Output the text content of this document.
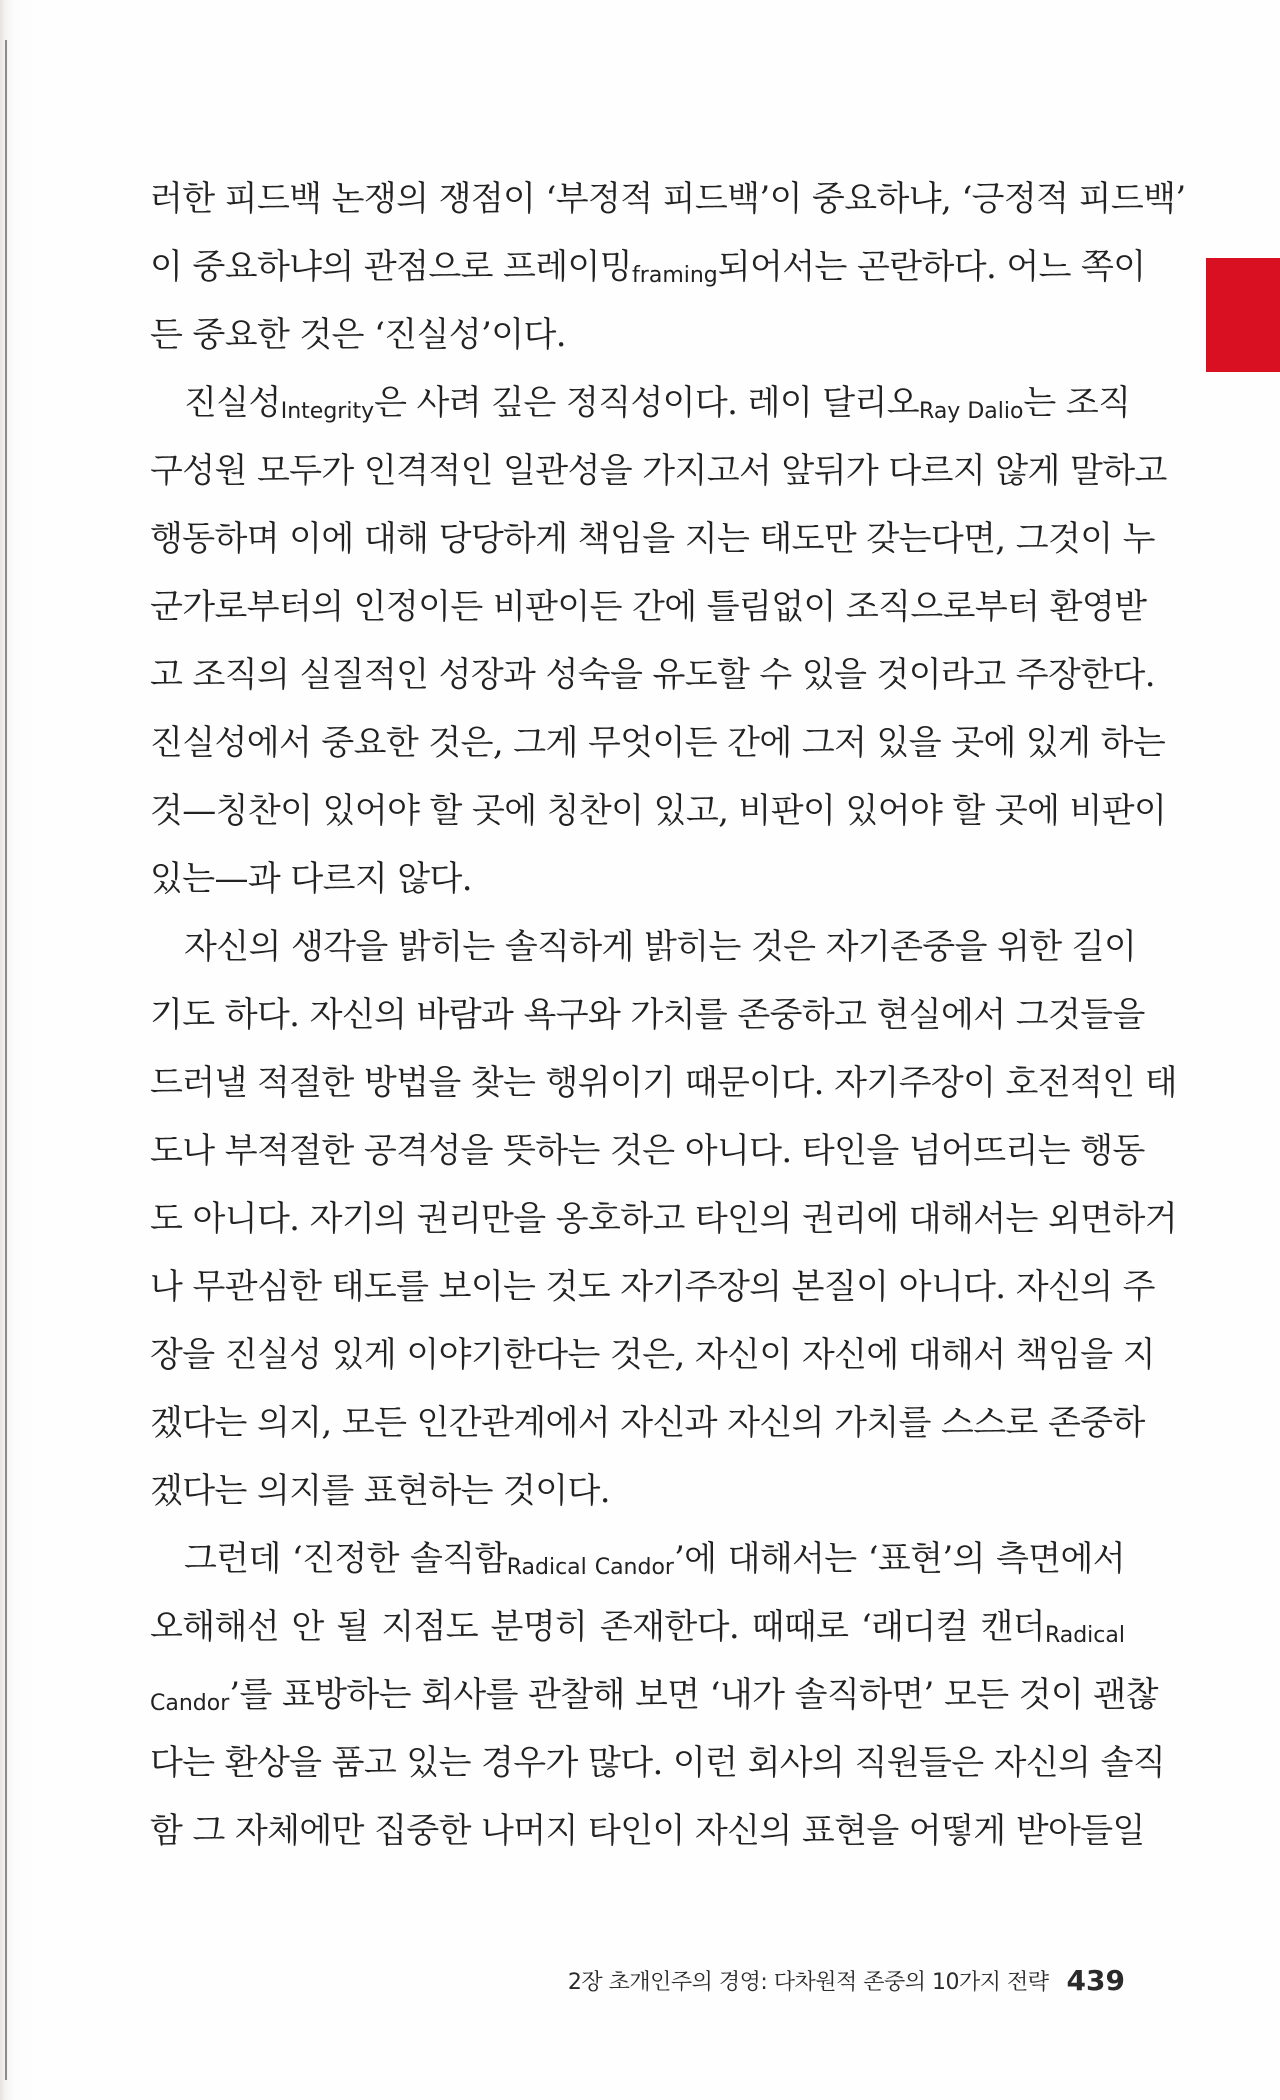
러한 피드백 논쟁의 쟁점이 ‘부정적 피드백’이 중요하냐, ‘긍정적 피드백’
이 중요하냐의 관점으로 프레이밍framing되어서는 곤란하다. 어느 쪽이
든 중요한 것은 ‘진실성’이다.
진실성Integrity은 사려 깊은 정직성이다. 레이 달리오Ray Dalio는 조직
구성원 모두가 인격적인 일관성을 가지고서 앞뒤가 다르지 않게 말하고
행동하며 이에 대해 당당하게 책임을 지는 태도만 갖는다면, 그것이 누
군가로부터의 인정이든 비판이든 간에 틀림없이 조직으로부터 환영받
고 조직의 실질적인 성장과 성숙을 유도할 수 있을 것이라고 주장한다.
진실성에서 중요한 것은, 그게 무엇이든 간에 그저 있을 곳에 있게 하는
것—칭찬이 있어야 할 곳에 칭찬이 있고, 비판이 있어야 할 곳에 비판이
있는—과 다르지 않다.
자신의 생각을 밝히는 솔직하게 밝히는 것은 자기존중을 위한 길이
기도 하다. 자신의 바람과 욕구와 가치를 존중하고 현실에서 그것들을
드러낼 적절한 방법을 찾는 행위이기 때문이다. 자기주장이 호전적인 태
도나 부적절한 공격성을 뜻하는 것은 아니다. 타인을 넘어뜨리는 행동
도 아니다. 자기의 권리만을 옹호하고 타인의 권리에 대해서는 외면하거
나 무관심한 태도를 보이는 것도 자기주장의 본질이 아니다. 자신의 주
장을 진실성 있게 이야기한다는 것은, 자신이 자신에 대해서 책임을 지
겠다는 의지, 모든 인간관계에서 자신과 자신의 가치를 스스로 존중하
겠다는 의지를 표현하는 것이다.
그런데 ‘진정한 솔직함Radical Candor’에 대해서는 ‘표현’의 측면에서
오해해선 안 될 지점도 분명히 존재한다. 때때로 ‘래디컬 캔더Radical
Candor’를 표방하는 회사를 관찰해 보면 ‘내가 솔직하면’ 모든 것이 괜찮
다는 환상을 품고 있는 경우가 많다. 이런 회사의 직원들은 자신의 솔직
함 그 자체에만 집중한 나머지 타인이 자신의 표현을 어떻게 받아들일
2장 초개인주의 경영: 다차원적 존중의 10가지 전략 439
